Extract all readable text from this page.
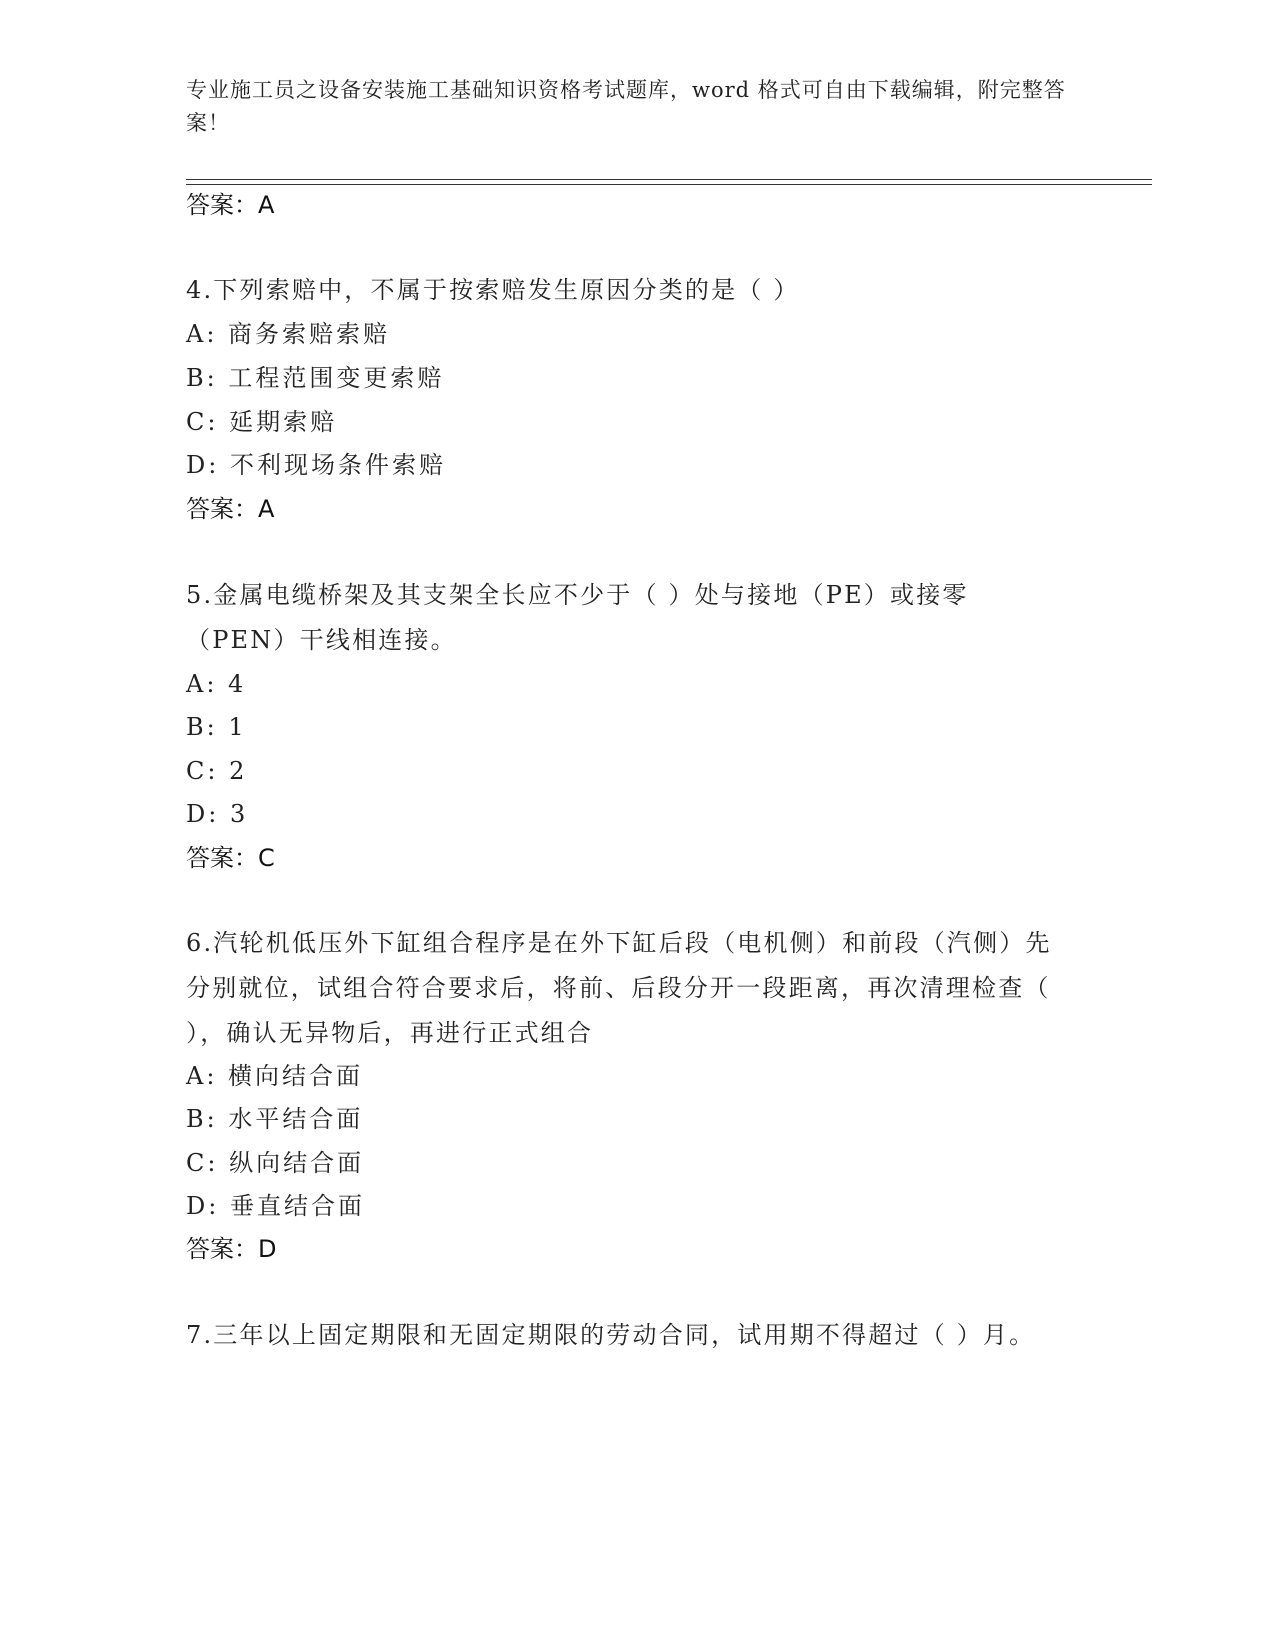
专业施工员之设备安装施工基础知识资格考试题库，word 格式可自由下载编辑，附完整答案！
答案：A
4.下列索赔中，不属于按索赔发生原因分类的是（ ）
A: 商务索赔索赔
B: 工程范围变更索赔
C: 延期索赔
D: 不利现场条件索赔
答案：A
5.金属电缆桥架及其支架全长应不少于（ ）处与接地（PE）或接零（PEN）干线相连接。
A: 4
B: 1
C: 2
D: 3
答案：C
6.汽轮机低压外下缸组合程序是在外下缸后段（电机侧）和前段（汽侧）先分别就位，试组合符合要求后，将前、后段分开一段距离，再次清理检查（ ），确认无异物后，再进行正式组合
A: 横向结合面
B: 水平结合面
C: 纵向结合面
D: 垂直结合面
答案：D
7.三年以上固定期限和无固定期限的劳动合同，试用期不得超过（ ）月。
